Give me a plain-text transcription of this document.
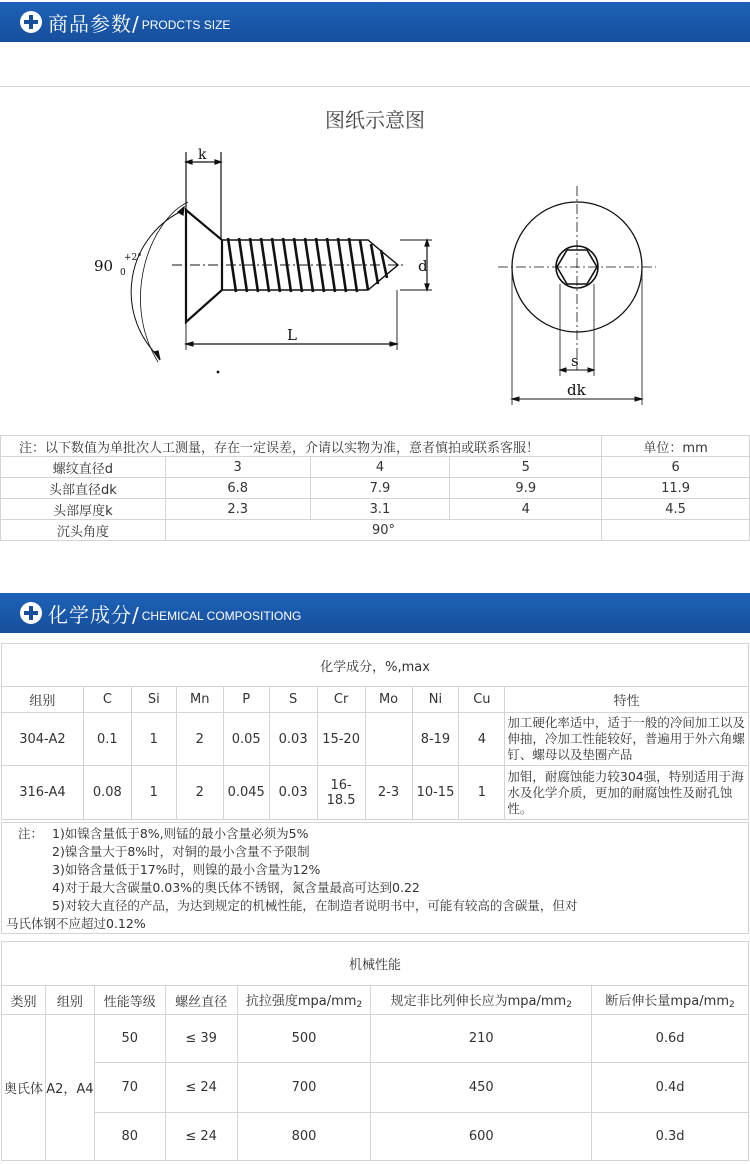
商品参数/ PRODCTS SIZE
图纸示意图
k
90 0
+2°	d
L
s
dk
注：以下数值为单批次人工测量，存在一定误差，介请以实物为准，意者慎拍或联系客服！				单位：mm
螺纹直径d	3	4	5	6
头部直径dk	6.8	7.9	9.9	11.9
头部厚度k	2.3	3.1	4	4.5
沉头角度	90°			
化学成分/ CHEMICAL COMPOSITIONG
化学成分，%,max										
组别	C	Si	Mn	P	S	Cr	Mo	Ni	Cu	特性
304-A2	0.1	1	2	0.05	0.03	15-20		8-19	4	加工硬化率适中，适于一般的冷间加工以及伸抽，冷加工性能较好，普遍用于外六角螺钉、螺母以及垫圈产品
316-A4	0.08	1	2	0.045	0.03	16-18.5	2-3	10-15	1	加钼，耐腐蚀能力较304强，特别适用于海水及化学介质，更加的耐腐蚀性及耐孔蚀性。
注： 1)如镍含量低于8%,则锰的最小含量必须为5%
2)镍含量大于8%时，对铜的最小含量不予限制
3)如铬含量低于17%时，则镍的最小含量为12%
4)对于最大含碳量0.03%的奥氏体不锈钢，氮含量最高可达到0.22
5)对较大直径的产品，为达到规定的机械性能，在制造者说明书中，可能有较高的含碳量，但对
马氏体钢不应超过0.12%
机械性能						
类别	组别	性能等级	螺丝直径	抗拉强度mpa/$mm_2$	规定非比列伸长应为mpa/$mm_2$	断后伸长量mpa/$mm_2$
奥氏体	A2，A4	50	≤ 39	500	210	0.6d
		70	≤ 24	700	450	0.4d
		80	≤ 24	800	600	0.3d
